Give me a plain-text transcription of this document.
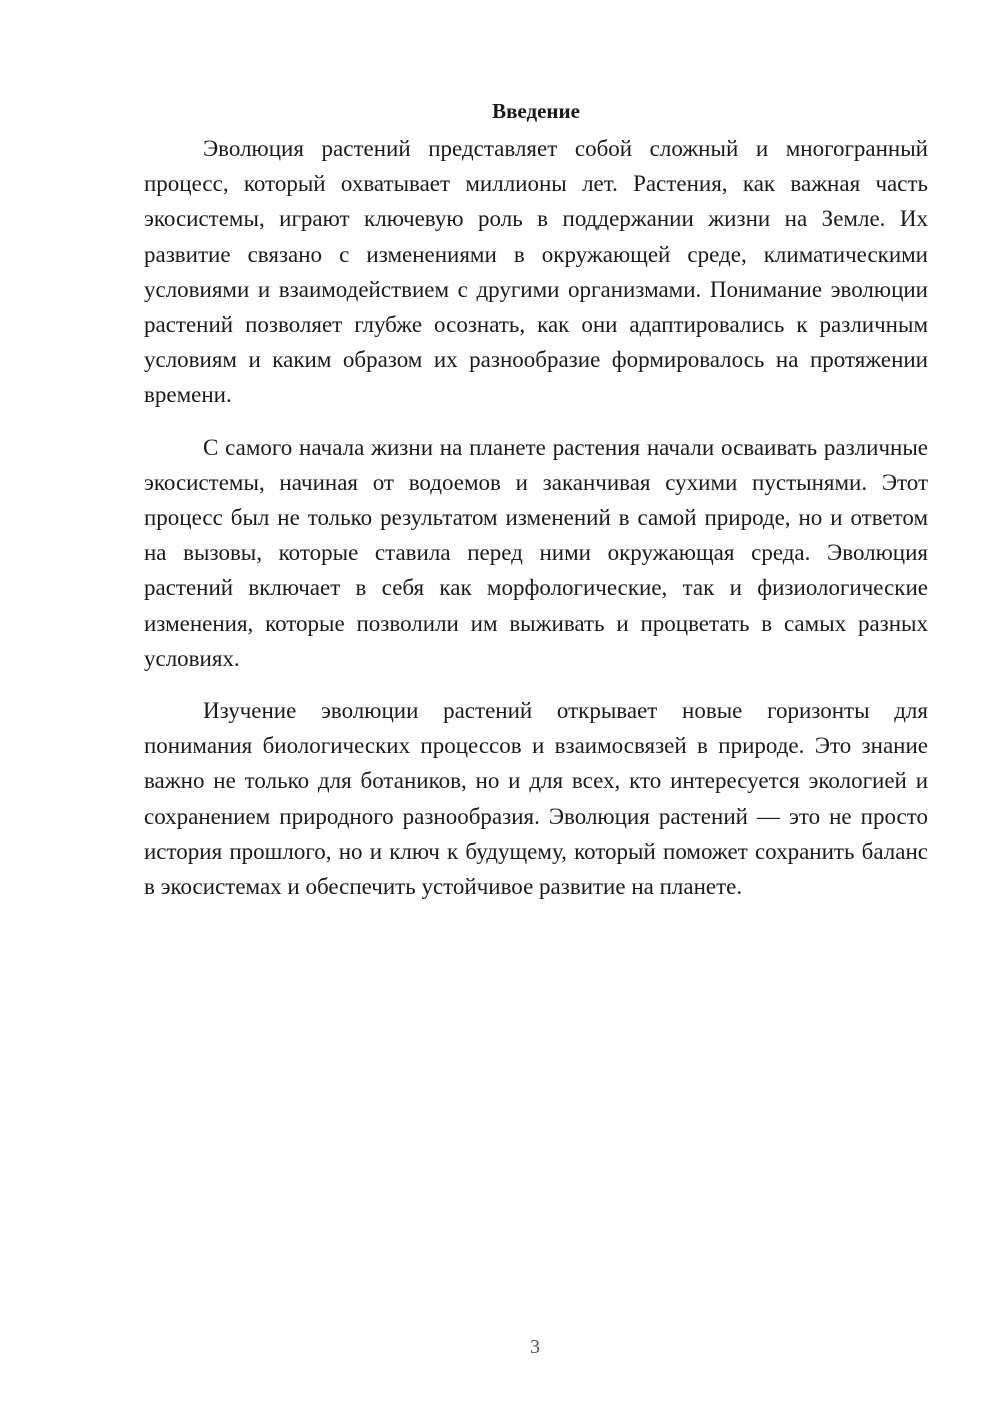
Введение

Эволюция растений представляет собой сложный и многогранный процесс, который охватывает миллионы лет. Растения, как важная часть экосистемы, играют ключевую роль в поддержании жизни на Земле. Их развитие связано с изменениями в окружающей среде, климатическими условиями и взаимодействием с другими организмами. Понимание эволюции растений позволяет глубже осознать, как они адаптировались к различным условиям и каким образом их разнообразие формировалось на протяжении времени.

С самого начала жизни на планете растения начали осваивать различные экосистемы, начиная от водоемов и заканчивая сухими пустынями. Этот процесс был не только результатом изменений в самой природе, но и ответом на вызовы, которые ставила перед ними окружающая среда. Эволюция растений включает в себя как морфологические, так и физиологические изменения, которые позволили им выживать и процветать в самых разных условиях.

Изучение эволюции растений открывает новые горизонты для понимания биологических процессов и взаимосвязей в природе. Это знание важно не только для ботаников, но и для всех, кто интересуется экологией и сохранением природного разнообразия. Эволюция растений — это не просто история прошлого, но и ключ к будущему, который поможет сохранить баланс в экосистемах и обеспечить устойчивое развитие на планете.

3
